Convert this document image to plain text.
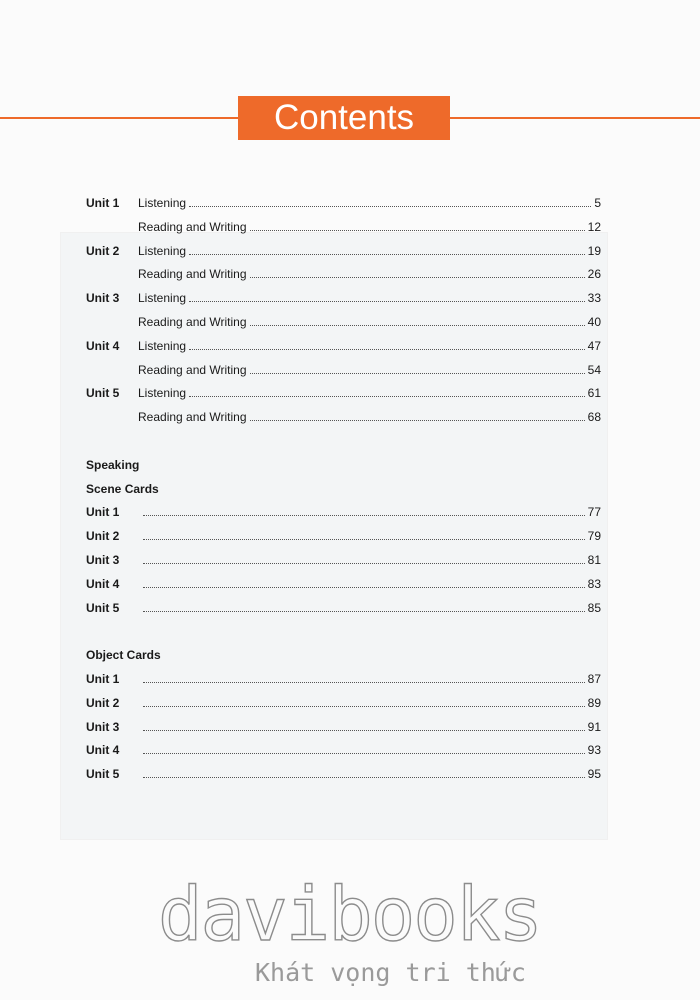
Contents
Unit 1 Listening	5
Reading and Writing	12
Unit 2 Listening	19
Reading and Writing	26
Unit 3 Listening	33
Reading and Writing	40
Unit 4 Listening	47
Reading and Writing	54
Unit 5 Listening	61
Reading and Writing	68
Speaking
Scene Cards
Unit 1	77
Unit 2	79
Unit 3	81
Unit 4	83
Unit 5	85
Object Cards
Unit 1	87
Unit 2	89
Unit 3	91
Unit 4	93
Unit 5	95
davibooks
Khát vọng tri thức
